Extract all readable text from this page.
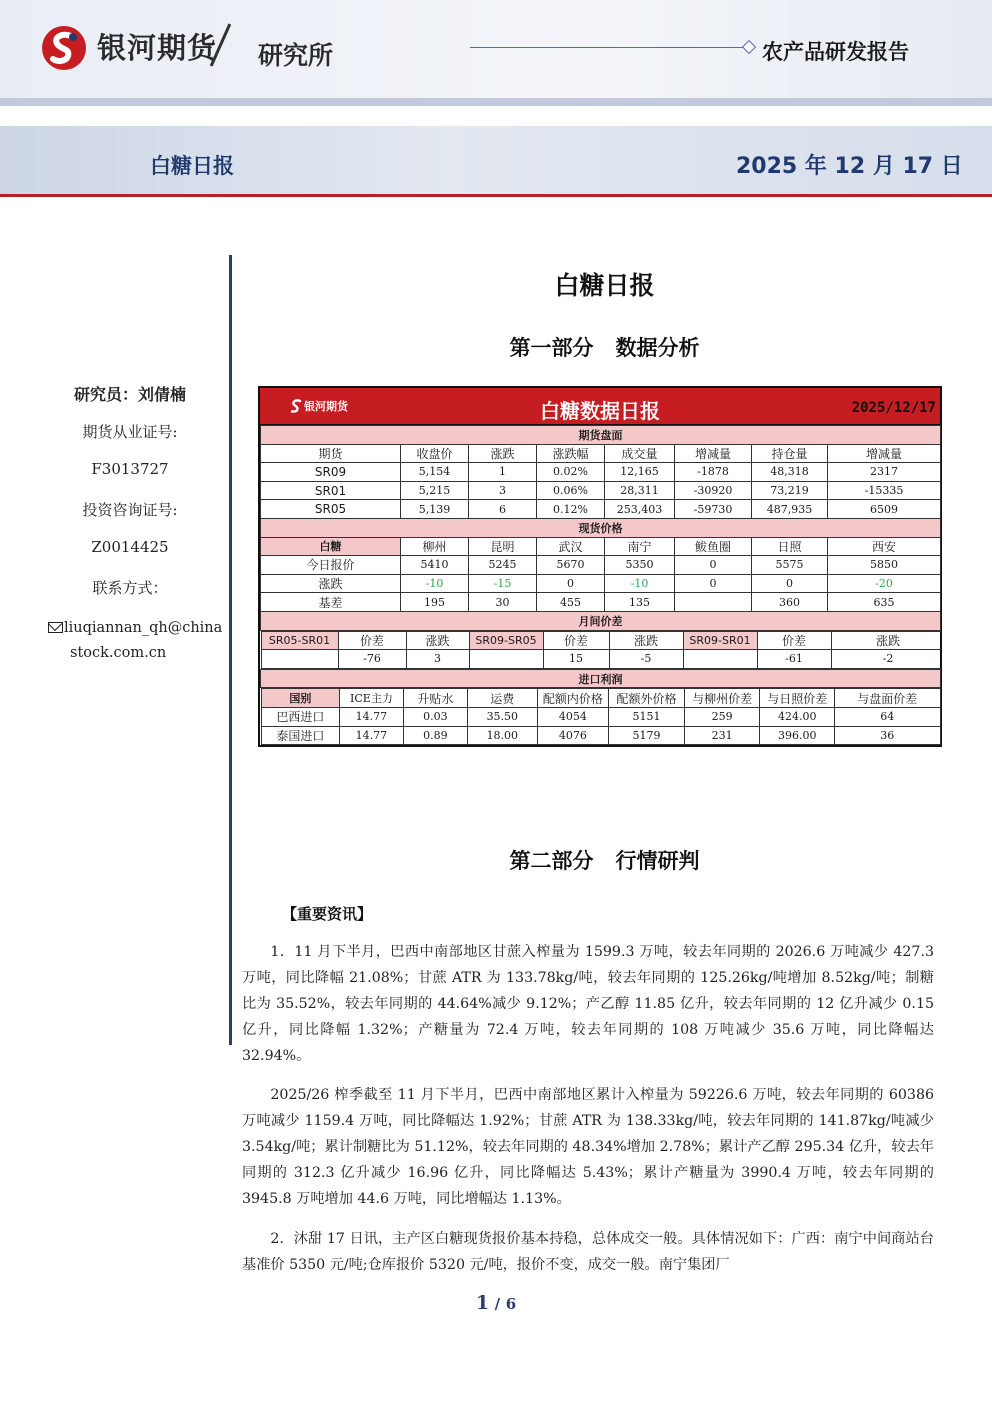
银河期货 研究所	农产品研发报告
白糖日报	2025 年 12 月 17 日
研究员：刘倩楠
期货从业证号:
F3013727
投资咨询证号:
Z0014425
联系方式：
liuqiannan_qh@china
stock.com.cn
白糖日报
第一部分   数据分析
第二部分   行情研判
银河期货	白糖数据日报	2025/12/17
期货盘面
期货	收盘价	涨跌	涨跌幅	成交量	增减量	持仓量	增减量
SR09	5,154	1	0.02%	12,165	-1878	48,318	2317
SR01	5,215	3	0.06%	28,311	-30920	73,219	-15335
SR05	5,139	6	0.12%	253,403	-59730	487,935	6509
现货价格
白糖	柳州	昆明	武汉	南宁	鲅鱼圈	日照	西安
今日报价	5410	5245	5670	5350	0	5575	5850
涨跌	-10	-15	0	-10	0	0	-20
基差	195	30	455	135		360	635
月间价差

SR05-SR01	价差	涨跌	SR09-SR05	价差	涨跌	SR09-SR01	价差	涨跌
	-76	3		15	-5		-61	-2

进口利润

国别	ICE主力	升贴水	运费	配额内价格	配额外价格	与柳州价差	与日照价差	与盘面价差
巴西进口	14.77	0.03	35.50	4054	5151	259	424.00	64
泰国进口	14.77	0.89	18.00	4076	5179	231	396.00	36
【重要资讯】
1．11 月下半月，巴西中南部地区甘蔗入榨量为 1599.3 万吨，较去年同期的 2026.6 万吨减少 427.3 万吨，同比降幅 21.08%；甘蔗 ATR 为 133.78kg/吨，较去年同期的 125.26kg/吨增加 8.52kg/吨；制糖比为 35.52%，较去年同期的 44.64%减少 9.12%；产乙醇 11.85 亿升，较去年同期的 12 亿升减少 0.15 亿升，同比降幅 1.32%；产糖量为 72.4 万吨，较去年同期的 108 万吨减少 35.6 万吨，同比降幅达 32.94%。
2025/26 榨季截至 11 月下半月，巴西中南部地区累计入榨量为 59226.6 万吨，较去年同期的 60386 万吨减少 1159.4 万吨，同比降幅达 1.92%；甘蔗 ATR 为 138.33kg/吨，较去年同期的 141.87kg/吨减少 3.54kg/吨；累计制糖比为 51.12%，较去年同期的 48.34%增加 2.78%；累计产乙醇 295.34 亿升，较去年同期的 312.3 亿升减少 16.96 亿升，同比降幅达 5.43%；累计产糖量为 3990.4 万吨，较去年同期的 3945.8 万吨增加 44.6 万吨，同比增幅达 1.13%。
2．沐甜 17 日讯，主产区白糖现货报价基本持稳，总体成交一般。具体情况如下：广西：南宁中间商站台基准价 5350 元/吨;仓库报价 5320 元/吨，报价不变，成交一般。南宁集团厂
1 / 6
